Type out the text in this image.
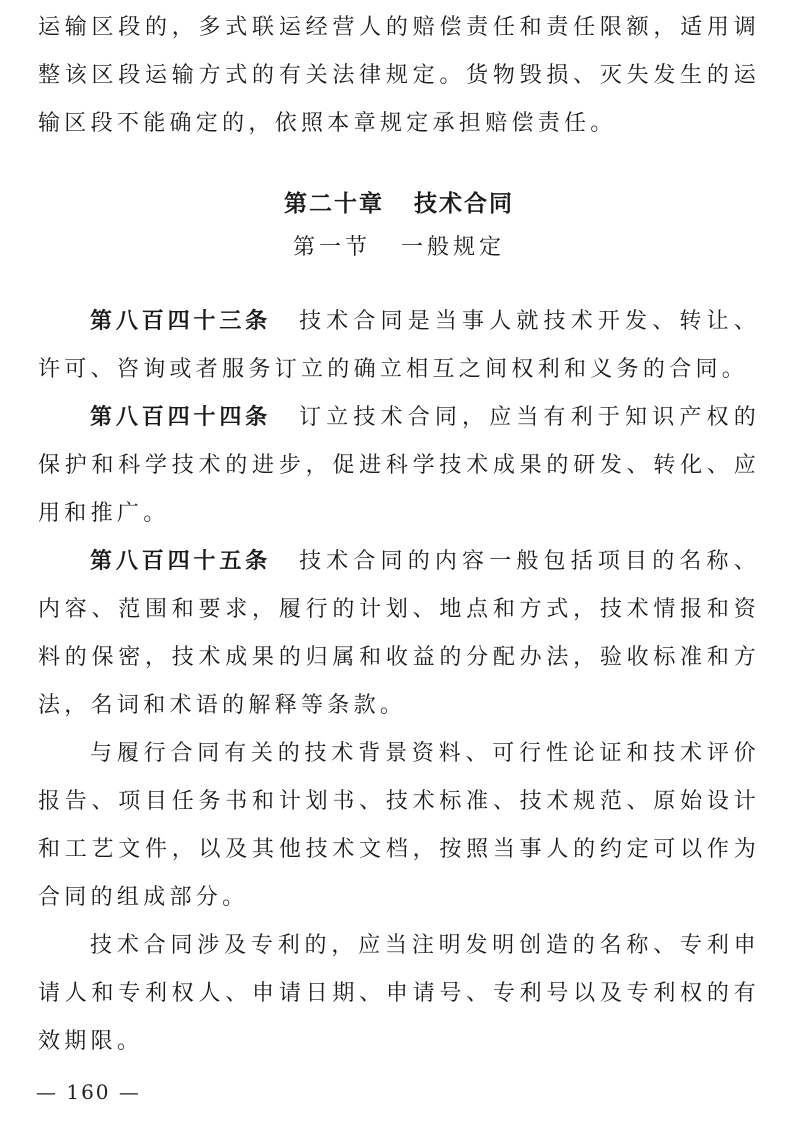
运输区段的，多式联运经营人的赔偿责任和责任限额，适用调整该区段运输方式的有关法律规定。货物毁损、灭失发生的运输区段不能确定的，依照本章规定承担赔偿责任。

第二十章 技术合同

第一节 一般规定

第八百四十三条 技术合同是当事人就技术开发、转让、许可、咨询或者服务订立的确立相互之间权利和义务的合同。

第八百四十四条 订立技术合同，应当有利于知识产权的保护和科学技术的进步，促进科学技术成果的研发、转化、应用和推广。

第八百四十五条 技术合同的内容一般包括项目的名称、内容、范围和要求，履行的计划、地点和方式，技术情报和资料的保密，技术成果的归属和收益的分配办法，验收标准和方法，名词和术语的解释等条款。

与履行合同有关的技术背景资料、可行性论证和技术评价报告、项目任务书和计划书、技术标准、技术规范、原始设计和工艺文件，以及其他技术文档，按照当事人的约定可以作为合同的组成部分。

技术合同涉及专利的，应当注明发明创造的名称、专利申请人和专利权人、申请日期、申请号、专利号以及专利权的有效期限。

— 160 —
